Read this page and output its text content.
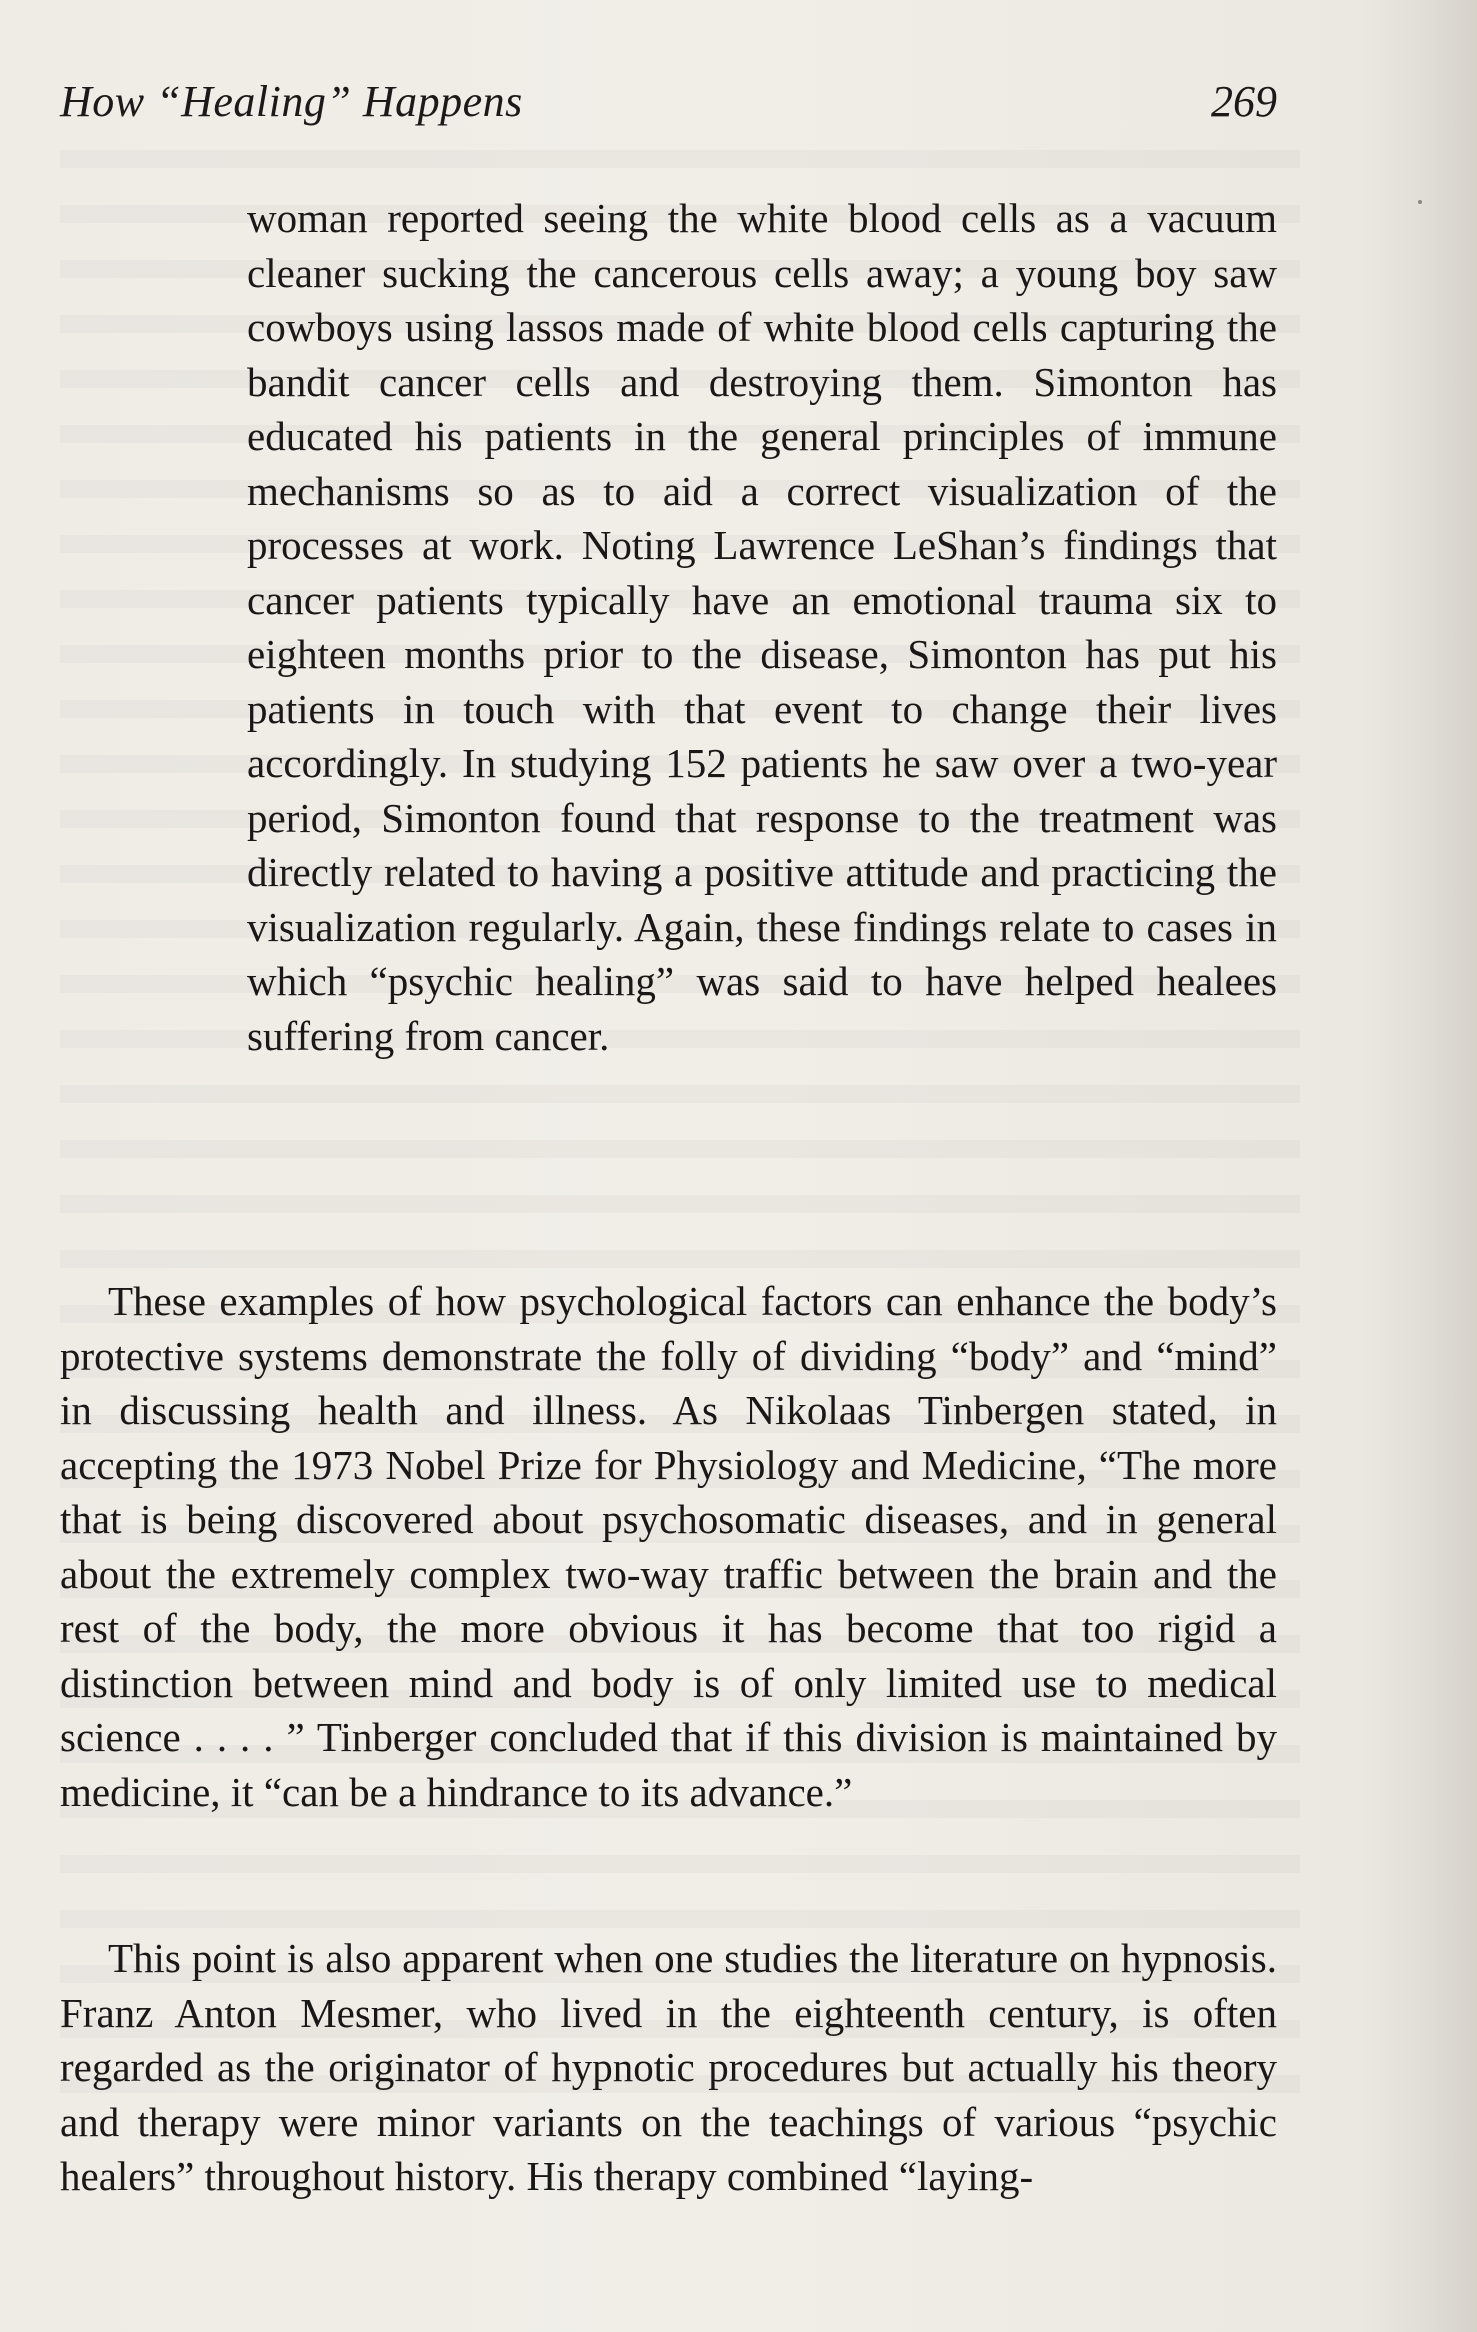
How “Healing” Happens	269
woman reported seeing the white blood cells as a vacuum cleaner sucking the cancerous cells away; a young boy saw cowboys using lassos made of white blood cells capturing the bandit cancer cells and destroying them. Simonton has educated his patients in the general principles of immune mechanisms so as to aid a correct visualization of the processes at work. Noting Lawrence LeShan’s findings that cancer patients typically have an emotional trauma six to eighteen months prior to the disease, Simonton has put his patients in touch with that event to change their lives accordingly. In studying 152 patients he saw over a two-year period, Simonton found that response to the treatment was directly related to having a positive attitude and practicing the visualization regularly. Again, these findings relate to cases in which “psychic healing” was said to have helped healees suffering from cancer.
These examples of how psychological factors can enhance the body’s protective systems demonstrate the folly of dividing “body” and “mind” in discussing health and illness. As Nikolaas Tinbergen stated, in accepting the 1973 Nobel Prize for Physiology and Medicine, “The more that is being discovered about psychosomatic diseases, and in general about the extremely complex two-way traffic between the brain and the rest of the body, the more obvious it has become that too rigid a distinction between mind and body is of only limited use to medical science . . . . ” Tinberger concluded that if this division is maintained by medicine, it “can be a hindrance to its advance.”
This point is also apparent when one studies the literature on hypnosis. Franz Anton Mesmer, who lived in the eighteenth century, is often regarded as the originator of hypnotic procedures but actually his theory and therapy were minor variants on the teachings of various “psychic healers” throughout history. His therapy combined “laying-
